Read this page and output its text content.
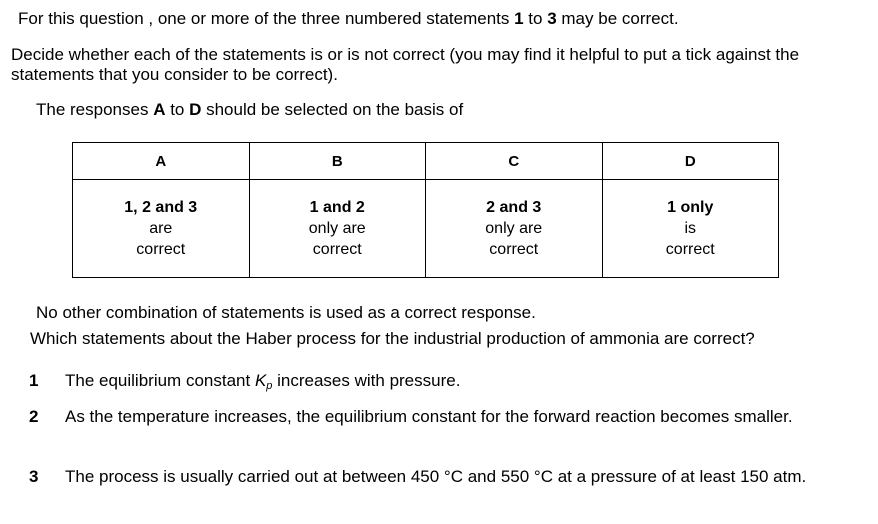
For this question , one or more of the three numbered statements 1 to 3 may be correct.
Decide whether each of the statements is or is not correct (you may find it helpful to put a tick against the statements that you consider to be correct).
The responses A to D should be selected on the basis of
A	B	C	D

1, 2 and 3
are
correct	1 and 2
only are
correct	2 and 3
only are
correct	1 only
is
correct
No other combination of statements is used as a correct response.
Which statements about the Haber process for the industrial production of ammonia are correct?
1 The equilibrium constant $K_p$ increases with pressure.
2 As the temperature increases, the equilibrium constant for the forward reaction becomes smaller.
3 The process is usually carried out at between 450 °C and 550 °C at a pressure of at least 150 atm.
